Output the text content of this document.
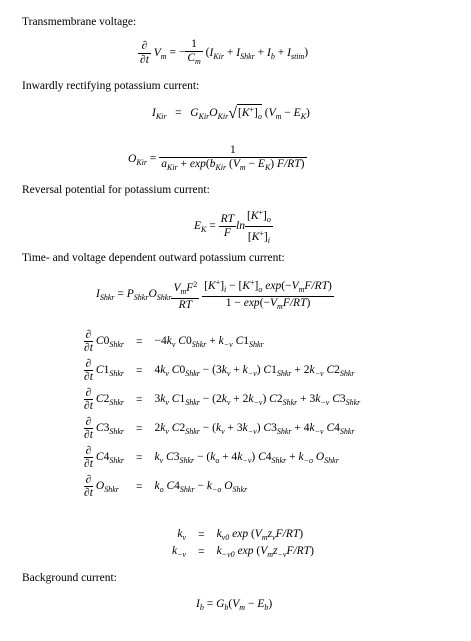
Transmembrane voltage:
$\frac{\partial}{\partial t} V_m$ = − $\frac{1}{C_m} (I_{Kir} + I_{Shkr} + I_b + I_{stim})$
Inwardly rectifying potassium current:
$I_{Kir} = G_{Kir}O_{Kir}√[K^+]_o$ $(V_m - E_K)$
$O_{Kir} = \frac{1}{a_{Kir} + \exp(b_{Kir} (V_m - E_K) F/RT)}$
Reversal potential for potassium current:
$E_K = \frac{RT}{F}$ $\ln \frac{[K^+]_o}{[K^+]_i}$
Time- and voltage dependent outward potassium current:
$I_{Shkr} = P_{Shkr}O_{Shkr} \frac{V_mF^2}{RT}$
$\frac{[K^+]_i - [K^+]_o \exp(-V_mF/RT)}{1 - \exp(-V_mF/RT)}$
∂
∂t
$C0_{Shkr}$	=	$-4k_v$ $C0_{Shkr} + k_{-v}$ $C1_{Shkr}$

∂
∂t
$C1_{Shkr}$	=	$4k_v$ $C0_{Shkr} - (3k_v + k_{-v}) C1_{Shkr} + 2k_{-v}$ $C2_{Shkr}$

∂
∂t
$C2_{Shkr}$	=	$3k_v$ $C1_{Shkr} - (2k_v + 2k_{-v}) C2_{Shkr} + 3k_{-v}$ $C3_{Shkr}$

∂
∂t
$C3_{Shkr}$	=	$2k_v$ $C2_{Shkr} - (k_v + 3k_{-v}) C3_{Shkr} + 4k_{-v}$ $C4_{Shkr}$

∂
∂t
$C4_{Shkr}$	=	$k_v$ $C3_{Shkr} - (k_o + 4k_{-v}) C4_{Shkr} + k_{-o}$ $O_{Shkr}$

∂
∂t
$O_{Shkr}$	=	$k_o$ $C4_{Shkr} - k_{-o}$ $O_{Shkr}$
$k_v$	=	$k_{v0}$ $\exp (V_mz_vF/RT)$
$k_{-v}$	=	$k_{-v0}$ $\exp (V_mz_{-v}F/RT)$
Background current:
$I_b = G_b(V_m - E_b)$
